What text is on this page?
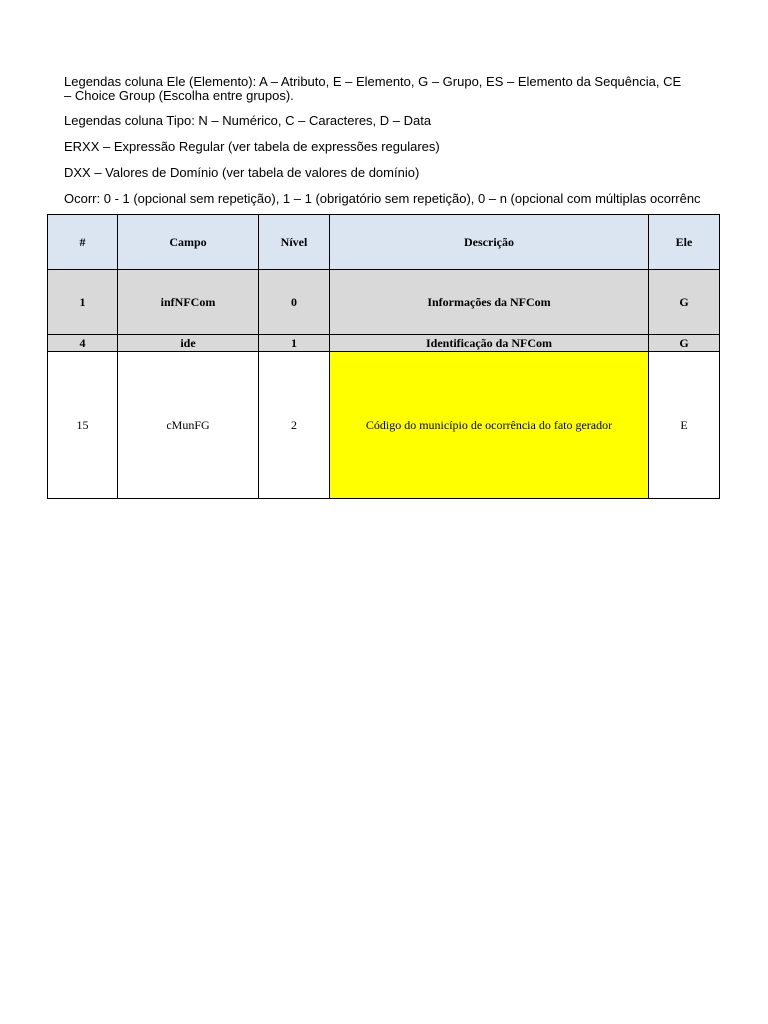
Legendas coluna Ele (Elemento): A – Atributo, E – Elemento, G – Grupo, ES – Elemento da Sequência, CE
– Choice Group (Escolha entre grupos).
Legendas coluna Tipo: N – Numérico, C – Caracteres, D – Data
ERXX – Expressão Regular (ver tabela de expressões regulares)
DXX – Valores de Domínio (ver tabela de valores de domínio)
Ocorr: 0 - 1 (opcional sem repetição), 1 – 1 (obrigatório sem repetição), 0 – n (opcional com múltiplas ocorrênc
#	Campo	Nível	Descrição	Ele
1	infNFCom	0	Informações da NFCom	G
4	ide	1	Identificação da NFCom	G
15	cMunFG	2	Código do município de ocorrência do fato gerador	E
